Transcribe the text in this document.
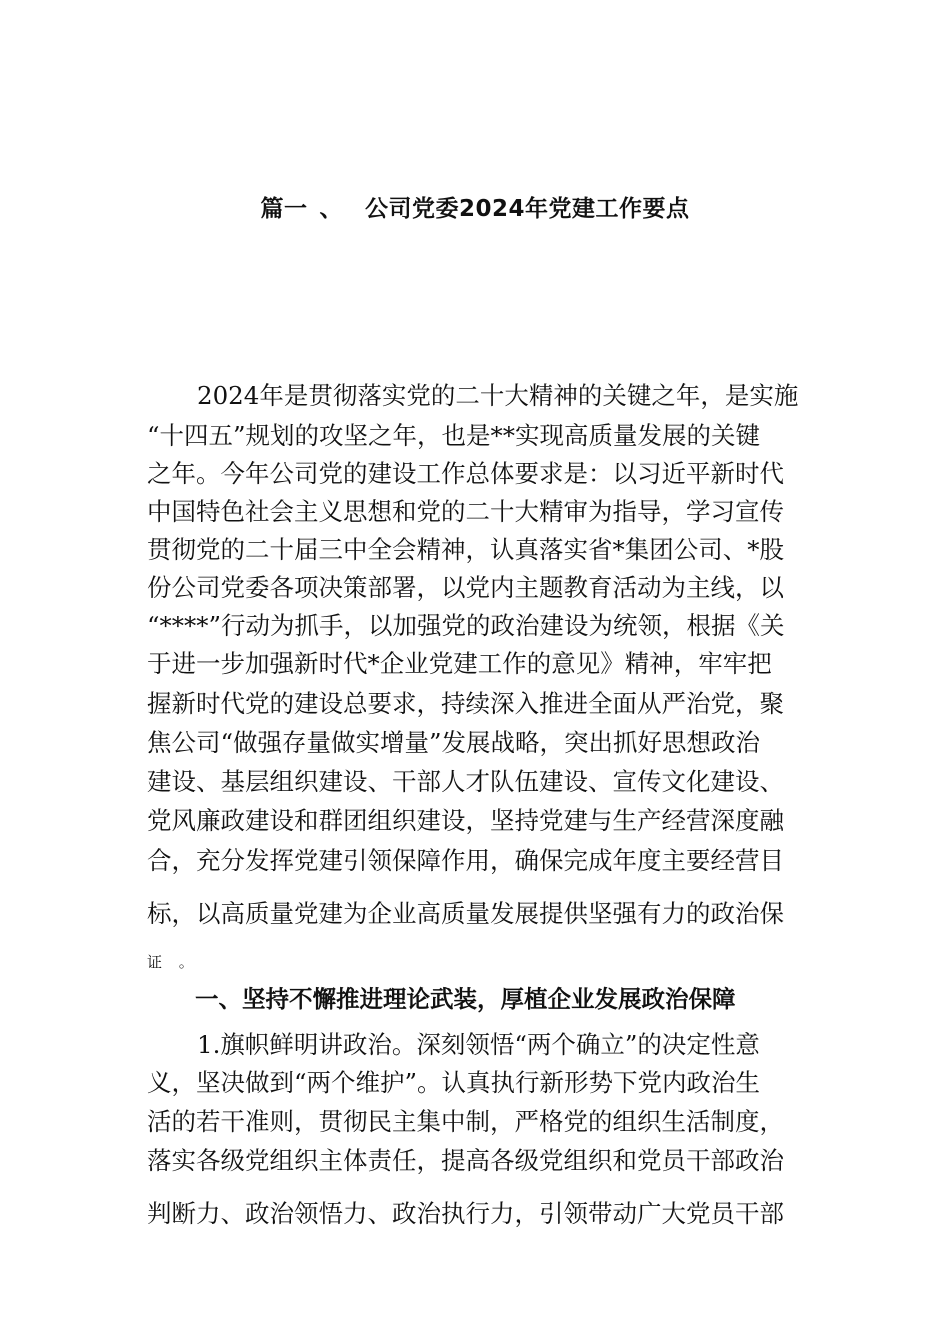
篇一 、 公司党委2024年党建工作要点
2024年是贯彻落实党的二十大精神的关键之年，是实施
“十四五”规划的攻坚之年，也是**实现高质量发展的关键
之年。今年公司党的建设工作总体要求是：以习近平新时代
中国特色社会主义思想和党的二十大精审为指导，学习宣传
贯彻党的二十届三中全会精神，认真落实省*集团公司、*股
份公司党委各项决策部署，以党内主题教育活动为主线，以
“****”行动为抓手，以加强党的政治建设为统领，根据《关
于进一步加强新时代*企业党建工作的意见》精神，牢牢把
握新时代党的建设总要求，持续深入推进全面从严治党，聚
焦公司“做强存量做实增量”发展战略，突出抓好思想政治
建设、基层组织建设、干部人才队伍建设、宣传文化建设、
党风廉政建设和群团组织建设，坚持党建与生产经营深度融
合，充分发挥党建引领保障作用，确保完成年度主要经营目
标，以高质量党建为企业高质量发展提供坚强有力的政治保
证 。
一、坚持不懈推进理论武装，厚植企业发展政治保障
1.旗帜鲜明讲政治。深刻领悟“两个确立”的决定性意
义，坚决做到“两个维护”。认真执行新形势下党内政治生
活的若干准则，贯彻民主集中制，严格党的组织生活制度，
落实各级党组织主体责任，提高各级党组织和党员干部政治
判断力、政治领悟力、政治执行力，引领带动广大党员干部
